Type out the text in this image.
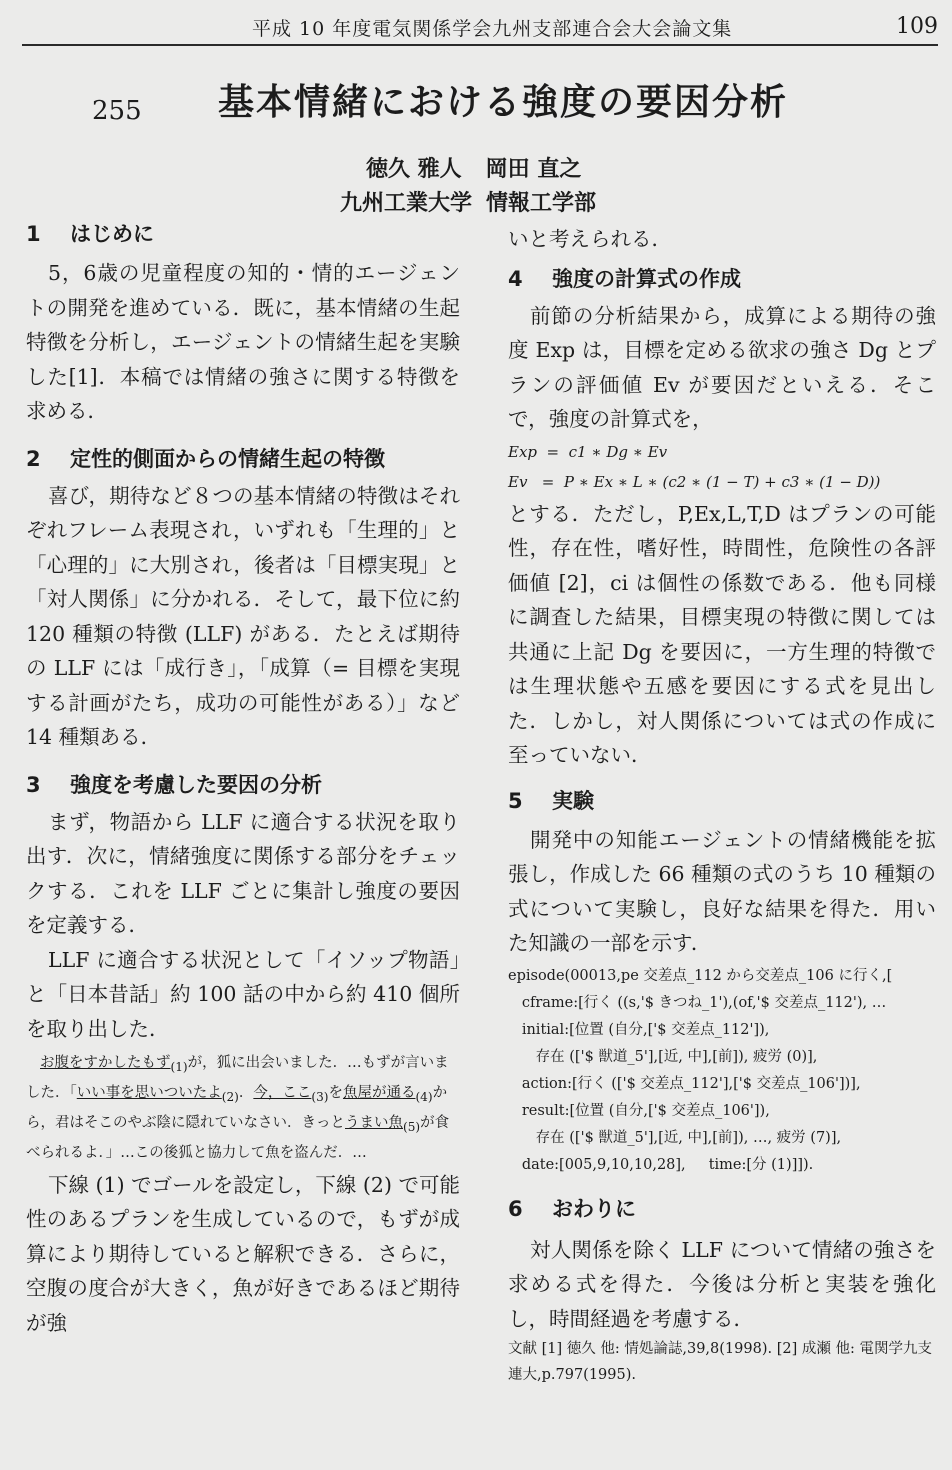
平成 10 年度電気関係学会九州支部連合会大会論文集	109
255 基本情緒における強度の要因分析
徳久 雅人 岡田 直之
九州工業大学 情報工学部
1 はじめに

5，6歳の児童程度の知的・情的エージェントの開発を進めている．既に，基本情緒の生起特徴を分析し，エージェントの情緒生起を実験した[1]．本稿では情緒の強さに関する特徴を求める．

2 定性的側面からの情緒生起の特徴

喜び，期待など８つの基本情緒の特徴はそれぞれフレーム表現され，いずれも「生理的」と「心理的」に大別され，後者は「目標実現」と「対人関係」に分かれる．そして，最下位に約 120 種類の特徴 (LLF) がある．たとえば期待の LLF には「成行き」，「成算（= 目標を実現する計画がたち，成功の可能性がある）」など 14 種類ある．

3 強度を考慮した要因の分析

まず，物語から LLF に適合する状況を取り出す．次に，情緒強度に関係する部分をチェックする．これを LLF ごとに集計し強度の要因を定義する．

LLF に適合する状況として「イソップ物語」と「日本昔話」約 100 話の中から約 410 個所を取り出した．

お腹をすかしたもず$_{(1)}$が，狐に出会いました．…もずが言いました．「いい事を思いついたよ$_{(2)}$．今，ここ$_{(3)}$を魚屋が通る$_{(4)}$から，君はそこのやぶ陰に隠れていなさい．きっとうまい魚$_{(5)}$が食べられるよ．」…この後狐と協力して魚を盗んだ．…

下線 (1) でゴールを設定し，下線 (2) で可能性のあるプランを生成しているので，もずが成算により期待していると解釈できる．さらに，空腹の度合が大きく，魚が好きであるほど期待が強

いと考えられる．

4 強度の計算式の作成

前節の分析結果から，成算による期待の強度 Exp は，目標を定める欲求の強さ Dg とプランの評価値 Ev が要因だといえる．そこで，強度の計算式を，

Exp  =  c1 ∗ Dg ∗ Ev

Ev   =  P ∗ Ex ∗ L ∗ (c2 ∗ (1 − T) + c3 ∗ (1 − D))

とする．ただし，P,Ex,L,T,D はプランの可能性，存在性，嗜好性，時間性，危険性の各評価値 [2]，ci は個性の係数である．他も同様に調査した結果，目標実現の特徴に関しては共通に上記 Dg を要因に，一方生理的特徴では生理状態や五感を要因にする式を見出した．しかし，対人関係については式の作成に至っていない．

5 実験

開発中の知能エージェントの情緒機能を拡張し，作成した 66 種類の式のうち 10 種類の式について実験し，良好な結果を得た．用いた知識の一部を示す．

episode(00013,pe 交差点_112 から交差点_106 に行く,[

cframe:[行く ((s,'$ きつね_1'),(of,'$ 交差点_112'), …

initial:[位置 (自分,['$ 交差点_112']),

存在 (['$ 獣道_5'],[近, 中],[前]), 疲労 (0)],

action:[行く (['$ 交差点_112'],['$ 交差点_106'])],

result:[位置 (自分,['$ 交差点_106']),

存在 (['$ 獣道_5'],[近, 中],[前]), …, 疲労 (7)],

date:[005,9,10,10,28],     time:[分 (1)]]).

6 おわりに

対人関係を除く LLF について情緒の強さを求める式を得た．今後は分析と実装を強化し，時間経過を考慮する．

文献 [1] 徳久 他: 情処論誌,39,8(1998). [2] 成瀬 他: 電関学九支連大,p.797(1995).
